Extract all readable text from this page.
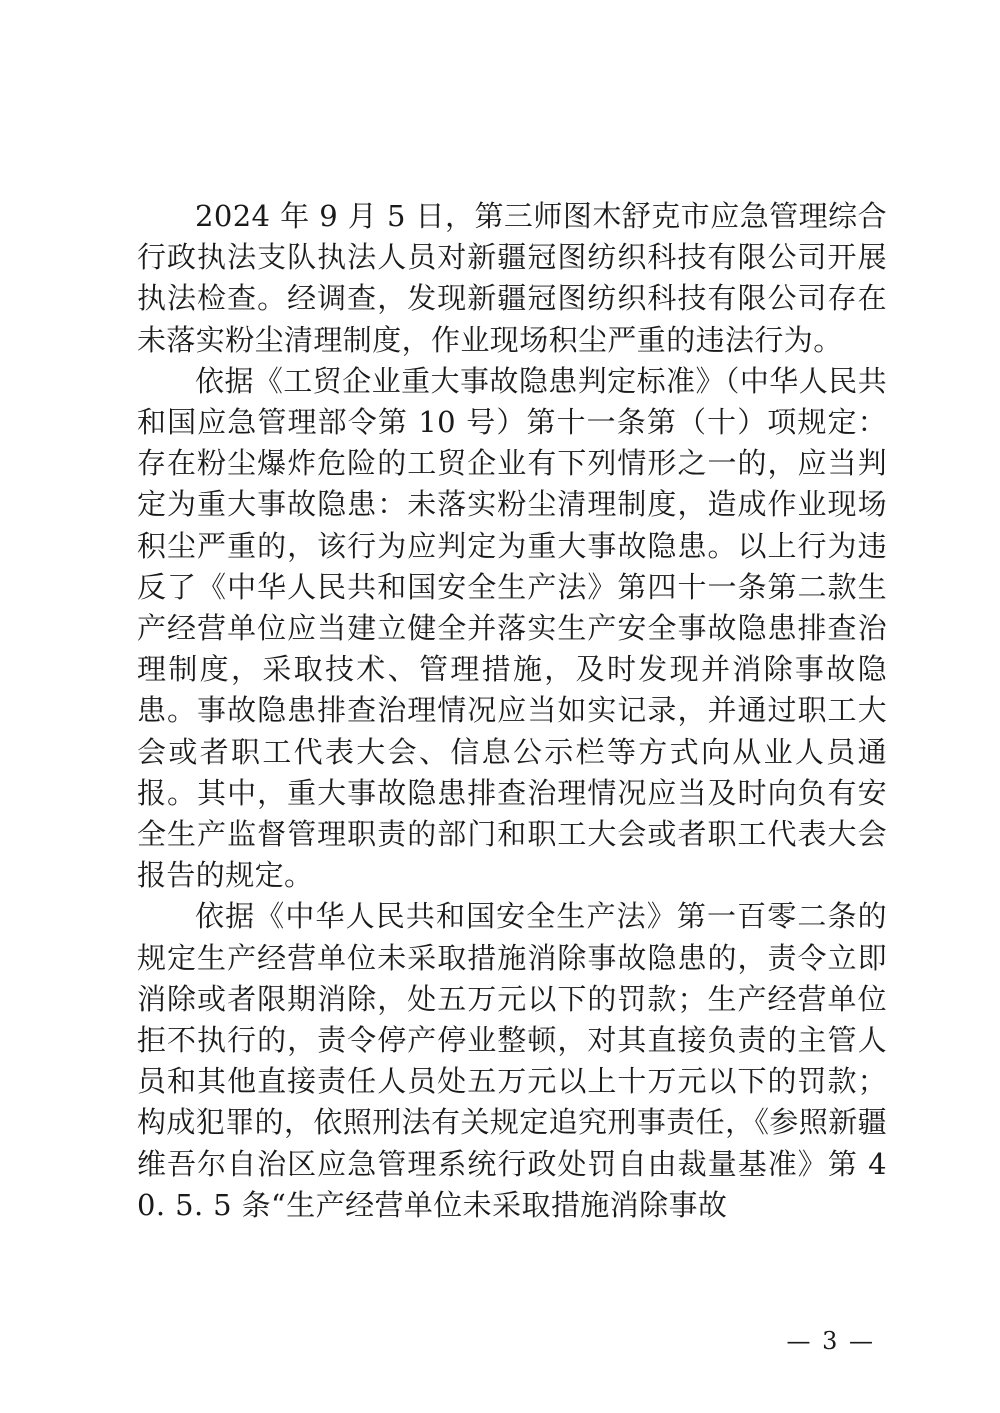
2024 年 9 月 5 日，第三师图木舒克市应急管理综合行政执法支队执法人员对新疆冠图纺织科技有限公司开展执法检查。经调查，发现新疆冠图纺织科技有限公司存在未落实粉尘清理制度，作业现场积尘严重的违法行为。

依据《工贸企业重大事故隐患判定标准》（中华人民共和国应急管理部令第 10 号）第十一条第（十）项规定：存在粉尘爆炸危险的工贸企业有下列情形之一的，应当判定为重大事故隐患：未落实粉尘清理制度，造成作业现场积尘严重的，该行为应判定为重大事故隐患。以上行为违反了《中华人民共和国安全生产法》第四十一条第二款生产经营单位应当建立健全并落实生产安全事故隐患排查治理制度，采取技术、管理措施，及时发现并消除事故隐患。事故隐患排查治理情况应当如实记录，并通过职工大会或者职工代表大会、信息公示栏等方式向从业人员通报。其中，重大事故隐患排查治理情况应当及时向负有安全生产监督管理职责的部门和职工大会或者职工代表大会报告的规定。

依据《中华人民共和国安全生产法》第一百零二条的规定生产经营单位未采取措施消除事故隐患的，责令立即消除或者限期消除，处五万元以下的罚款；生产经营单位拒不执行的，责令停产停业整顿，对其直接负责的主管人员和其他直接责任人员处五万元以上十万元以下的罚款；构成犯罪的，依照刑法有关规定追究刑事责任，《参照新疆维吾尔自治区应急管理系统行政处罚自由裁量基准》第 40. 5. 5 条“生产经营单位未采取措施消除事故

— 3 —
